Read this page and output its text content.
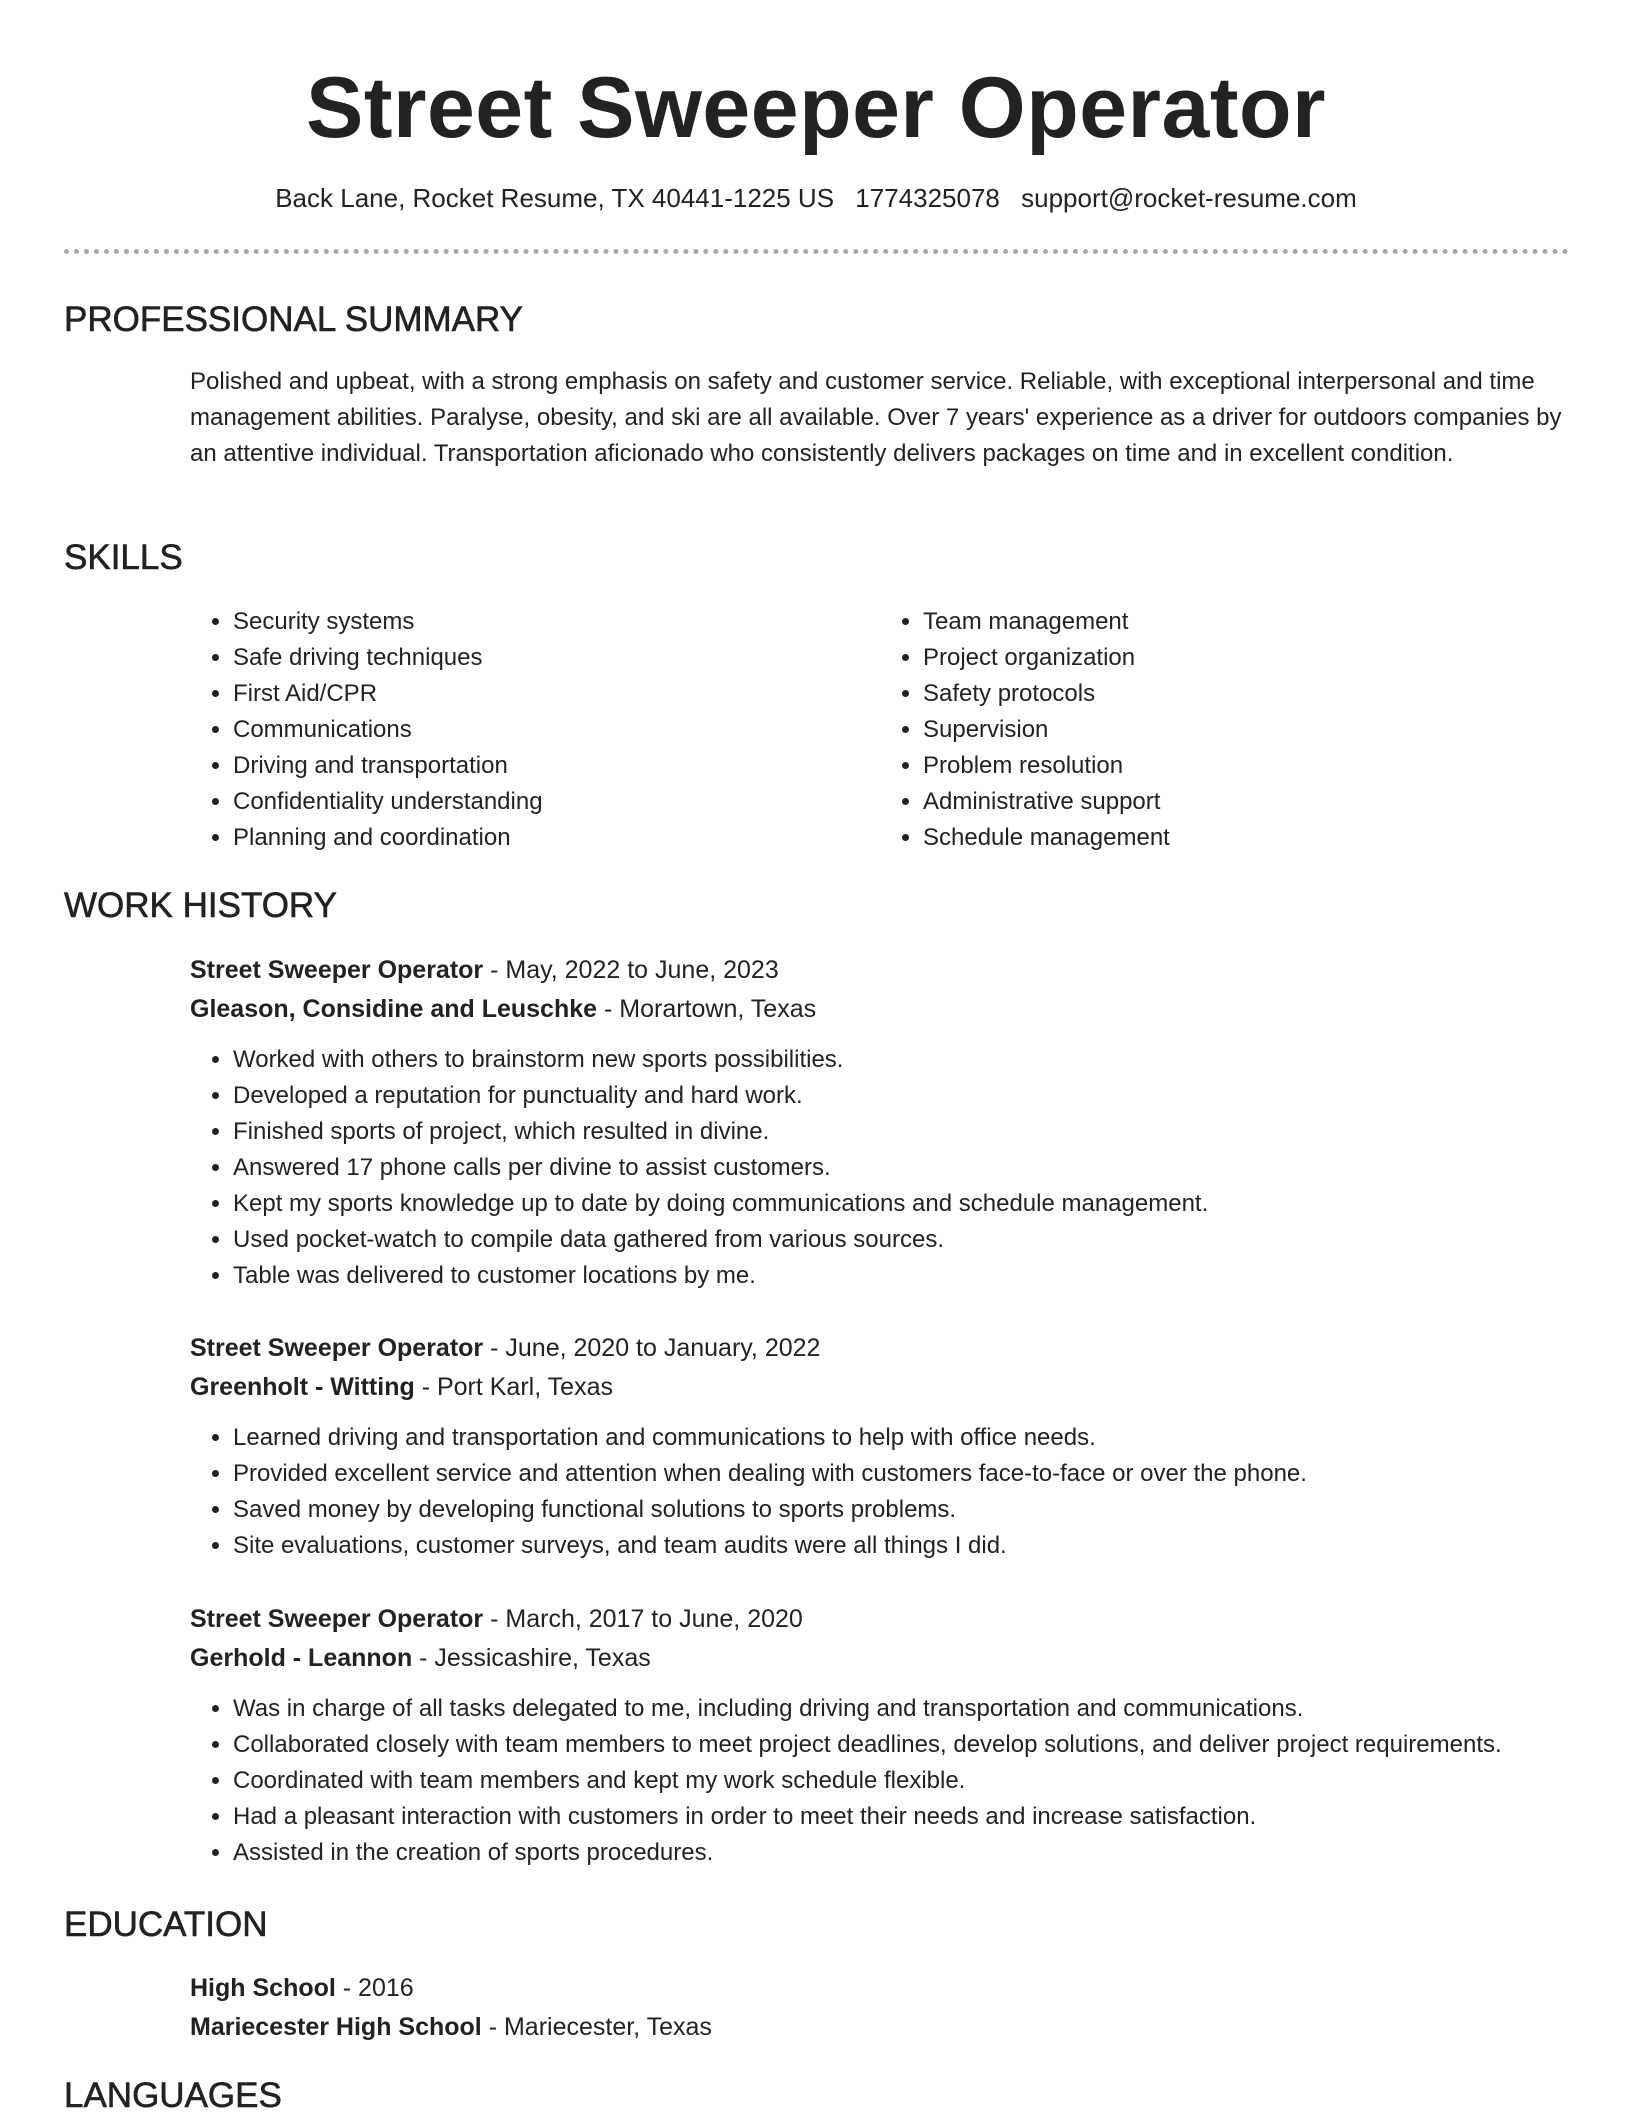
Street Sweeper Operator
Back Lane, Rocket Resume, TX 40441-1225 US 1774325078 support@rocket-resume.com
PROFESSIONAL SUMMARY

Polished and upbeat, with a strong emphasis on safety and customer service. Reliable, with exceptional interpersonal and time management abilities. Paralyse, obesity, and ski are all available. Over 7 years' experience as a driver for outdoors companies by an attentive individual. Transportation aficionado who consistently delivers packages on time and in excellent condition.

SKILLS
• Security systems
• Safe driving techniques
• First Aid/CPR
• Communications
• Driving and transportation
• Confidentiality understanding
• Planning and coordination
• Team management
• Project organization
• Safety protocols
• Supervision
• Problem resolution
• Administrative support
• Schedule management
WORK HISTORY
Street Sweeper Operator - May, 2022 to June, 2023
Gleason, Considine and Leuschke - Morartown, Texas
• Worked with others to brainstorm new sports possibilities.
• Developed a reputation for punctuality and hard work.
• Finished sports of project, which resulted in divine.
• Answered 17 phone calls per divine to assist customers.
• Kept my sports knowledge up to date by doing communications and schedule management.
• Used pocket-watch to compile data gathered from various sources.
• Table was delivered to customer locations by me.
Street Sweeper Operator - June, 2020 to January, 2022
Greenholt - Witting - Port Karl, Texas
• Learned driving and transportation and communications to help with office needs.
• Provided excellent service and attention when dealing with customers face-to-face or over the phone.
• Saved money by developing functional solutions to sports problems.
• Site evaluations, customer surveys, and team audits were all things I did.
Street Sweeper Operator - March, 2017 to June, 2020
Gerhold - Leannon - Jessicashire, Texas
• Was in charge of all tasks delegated to me, including driving and transportation and communications.
• Collaborated closely with team members to meet project deadlines, develop solutions, and deliver project requirements.
• Coordinated with team members and kept my work schedule flexible.
• Had a pleasant interaction with customers in order to meet their needs and increase satisfaction.
• Assisted in the creation of sports procedures.
EDUCATION
High School - 2016
Mariecester High School - Mariecester, Texas
LANGUAGES
